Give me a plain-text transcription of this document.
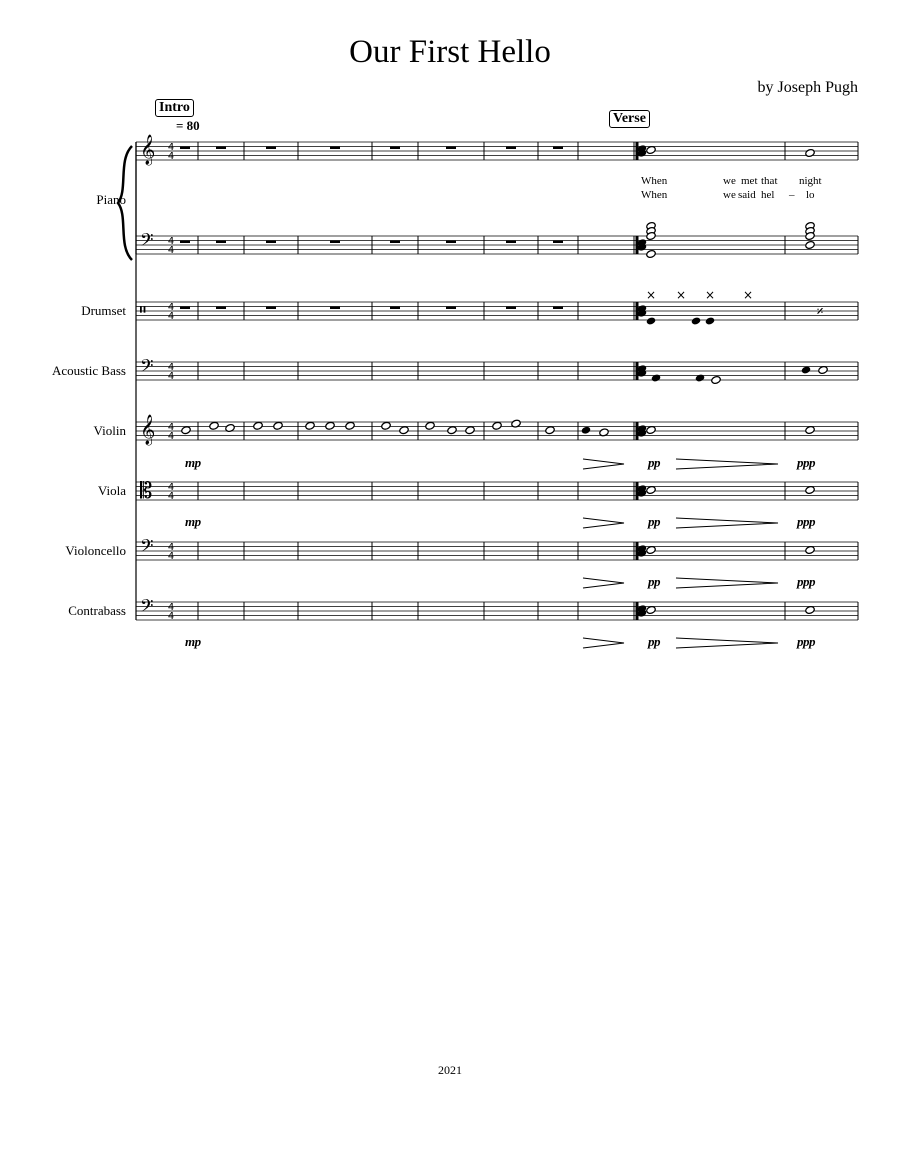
Our First Hello
by Joseph Pugh
2021
Intro
Verse
= 80
Piano
Drumset
Acoustic Bass
Violin
Viola
Violoncello
Contrabass
When	we met that night
When	we said hel – lo
mp	pp	ppp
mp	pp	ppp
pp	ppp
mp	pp	ppp
4
4
𝄞
4
4
𝄢
4
4
𝄥
4
4
𝄢
4
4
𝄞
4
4
𝄡
4
4
𝄢
4
4
𝄢
× × × ×
𝄎
